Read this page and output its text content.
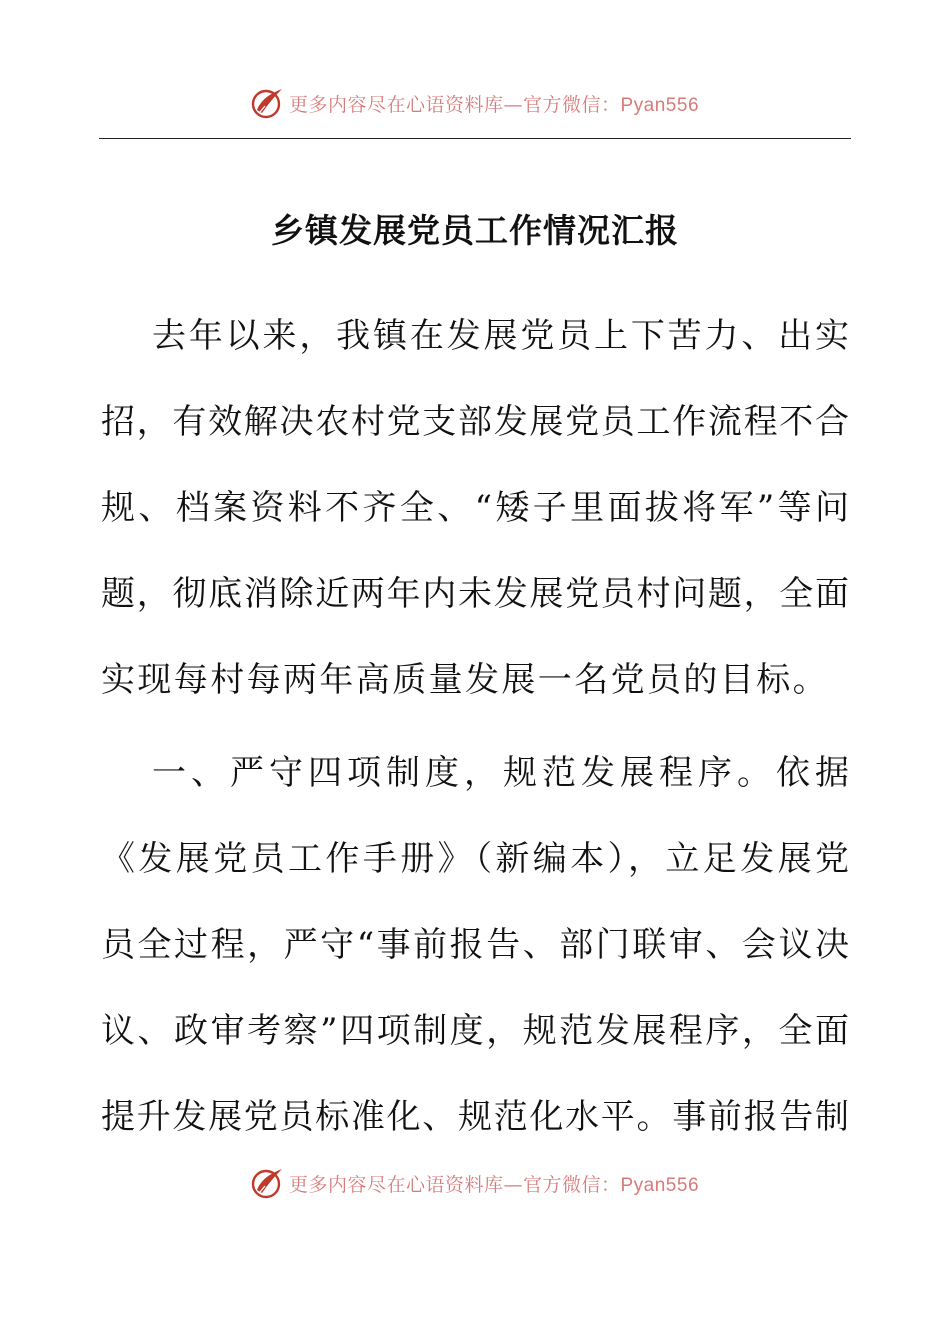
更多内容尽在心语资料库—官方微信：Pyan556
乡镇发展党员工作情况汇报

去年以来，我镇在发展党员上下苦力、出实

招，有效解决农村党支部发展党员工作流程不合

规、档案资料不齐全、“矮子里面拔将军”等问

题，彻底消除近两年内未发展党员村问题，全面

实现每村每两年高质量发展一名党员的目标。

一、严守四项制度，规范发展程序。依据

《发展党员工作手册》（新编本），立足发展党

员全过程，严守“事前报告、部门联审、会议决

议、政审考察”四项制度，规范发展程序，全面

提升发展党员标准化、规范化水平。事前报告制

更多内容尽在心语资料库—官方微信：Pyan556
